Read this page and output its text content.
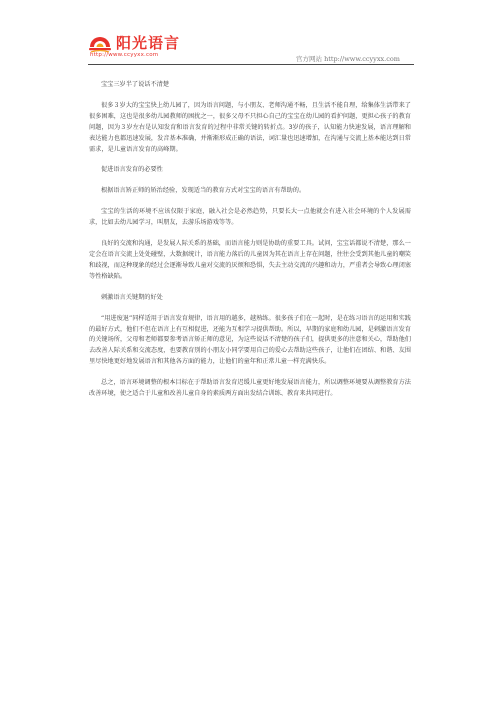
阳光语言
http://www.ccyyxx.com	官方网站 http://www.ccyyxx.com

宝宝三岁半了说话不清楚

很多３岁大的宝宝快上幼儿园了，因为语言问题，与小朋友、老师沟通不畅，且生活不能自理，给集体生活带来了很多困难，这也是很多幼儿园教师的困扰之一，很多父母不只担心自己的宝宝在幼儿园的看护问题，更担心孩子的教育问题，因为３岁左右是认知发育和语言发育的过程中非常关键的转折点。3岁的孩子，认知能力快速发展，语言理解和表达能力也都迅速发展，发音基本准确，并渐渐形成正确的语法，词汇量也迅速增加，在沟通与交流上基本能达到日常需求，是儿童语言发育的高峰期。

促进语言发育的必要性

根据语言矫正师的矫治经验，发现适当的教育方式对宝宝的语言有帮助的。

宝宝的生活的环境不应该仅限于家庭，融入社会是必然趋势，只要长大一点他就会有进入社会环境的个人发展需求，比如去幼儿园学习，叫朋友，去游乐场游戏等等。

良好的交流和沟通，是发展人际关系的基础，而语言能力则是协助的重要工具。试问，宝宝话都说不清楚，那么一定会在语言交流上处处碰壁，大数据统计，语言能力落后的儿童因为其在语言上存在问题，往往会受到其他儿童的嘲笑和歧视，而这种现象的经过会逐渐导致儿童对交流的厌烦和恐惧，失去主动交流的兴趣和动力，严重者会导致心理闭塞等性格缺陷。

刺激语言关键期的好处

“用进废退”同样适用于语言发育规律，语言用的越多，越熟练。很多孩子们在一起时，是在练习语言的运用和实践的最好方式，他们不但在语言上有互相促进，还能为互相学习提供帮助。所以，早期的家庭和幼儿园，是刺激语言发育的关键场所，父母和老师都要参考语言矫正师的意见，为这些说话不清楚的孩子们，提供更多的注意和关心，帮助他们去改善人际关系和交流态度，也要教育别的小朋友小同学要用自己的爱心去帮助这些孩子，让他们在团结、和谐、友围里尽快地更好地发展语言和其他各方面的能力，让他们的童年和正常儿童一样充满快乐。

总之，语言环境调整的根本目标在于帮助语言发育迟缓儿童更好地发展语言能力，所以调整环境要从调整教育方法改善环境，使之适合于儿童和改善儿童自身的素质两方面出发结合训练、教育来共同进行。
